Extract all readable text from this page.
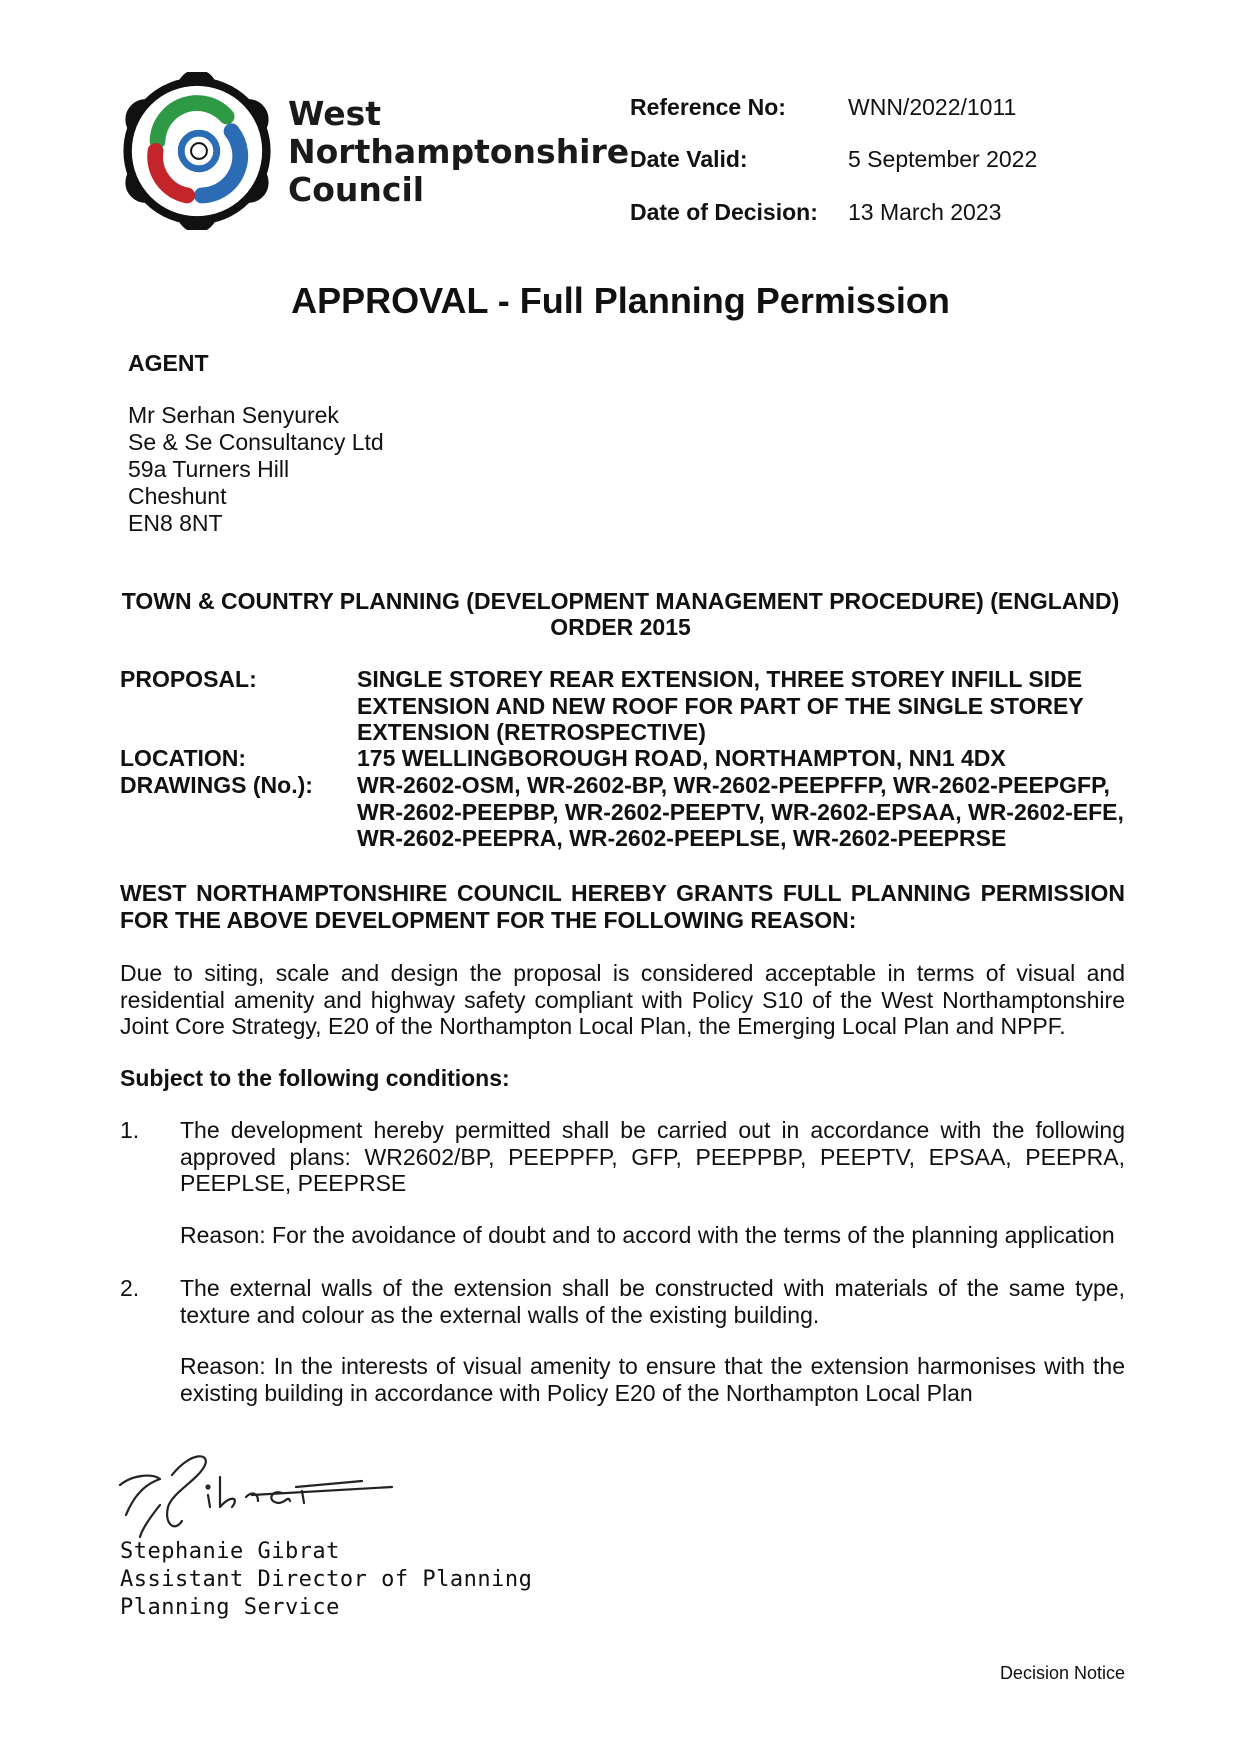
West
Northamptonshire
Council
Reference No:	WNN/2022/1011
Date Valid:	5 September 2022
Date of Decision: 13 March 2023
APPROVAL - Full Planning Permission
AGENT
Mr Serhan Senyurek
Se & Se Consultancy Ltd
59a Turners Hill
Cheshunt
EN8 8NT
TOWN & COUNTRY PLANNING (DEVELOPMENT MANAGEMENT PROCEDURE) (ENGLAND)
ORDER 2015
PROPOSAL:	SINGLE STOREY REAR EXTENSION, THREE STOREY INFILL SIDE EXTENSION AND NEW ROOF FOR PART OF THE SINGLE STOREY EXTENSION (RETROSPECTIVE)
LOCATION:	175 WELLINGBOROUGH ROAD, NORTHAMPTON, NN1 4DX
DRAWINGS (No.): WR-2602-OSM, WR-2602-BP, WR-2602-PEEPFFP, WR-2602-PEEPGFP, WR-2602-PEEPBP, WR-2602-PEEPTV, WR-2602-EPSAA, WR-2602-EFE, WR-2602-PEEPRA, WR-2602-PEEPLSE, WR-2602-PEEPRSE
WEST NORTHAMPTONSHIRE COUNCIL HEREBY GRANTS FULL PLANNING PERMISSION FOR THE ABOVE DEVELOPMENT FOR THE FOLLOWING REASON:
Due to siting, scale and design the proposal is considered acceptable in terms of visual and residential amenity and highway safety compliant with Policy S10 of the West Northamptonshire Joint Core Strategy, E20 of the Northampton Local Plan, the Emerging Local Plan and NPPF.
Subject to the following conditions:
1. The development hereby permitted shall be carried out in accordance with the following approved plans: WR2602/BP, PEEPPFP, GFP, PEEPPBP, PEEPTV, EPSAA, PEEPRA, PEEPLSE, PEEPRSE
Reason: For the avoidance of doubt and to accord with the terms of the planning application
2. The external walls of the extension shall be constructed with materials of the same type, texture and colour as the external walls of the existing building.
Reason: In the interests of visual amenity to ensure that the extension harmonises with the existing building in accordance with Policy E20 of the Northampton Local Plan
Stephanie Gibrat
Assistant Director of Planning
Planning Service
Decision Notice
